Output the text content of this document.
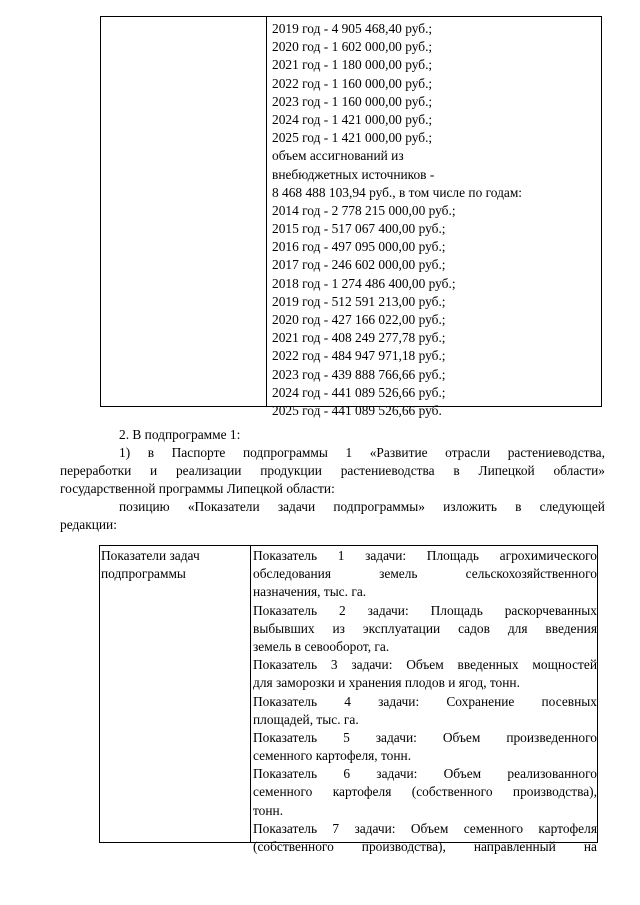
2019 год - 4 905 468,40 руб.;
2020 год - 1 602 000,00 руб.;
2021 год - 1 180 000,00 руб.;
2022 год - 1 160 000,00 руб.;
2023 год - 1 160 000,00 руб.;
2024 год - 1 421 000,00 руб.;
2025 год - 1 421 000,00 руб.;
объем ассигнований из
внебюджетных источников -
8 468 488 103,94 руб., в том числе по годам:
2014 год - 2 778 215 000,00 руб.;
2015 год - 517 067 400,00 руб.;
2016 год - 497 095 000,00 руб.;
2017 год - 246 602 000,00 руб.;
2018 год - 1 274 486 400,00 руб.;
2019 год - 512 591 213,00 руб.;
2020 год - 427 166 022,00 руб.;
2021 год - 408 249 277,78 руб.;
2022 год - 484 947 971,18 руб.;
2023 год - 439 888 766,66 руб.;
2024 год - 441 089 526,66 руб.;
2025 год - 441 089 526,66 руб.
2. В подпрограмме 1:
1) в Паспорте подпрограммы 1 «Развитие отрасли растениеводства,
переработки и реализации продукции растениеводства в Липецкой области»
государственной программы Липецкой области:
позицию «Показатели задачи подпрограммы» изложить в следующей
редакции:
Показатели задач
подпрограммы
Показатель 1 задачи: Площадь агрохимического
обследования	земель	сельскохозяйственного
назначения, тыс. га.
Показатель 2 задачи: Площадь раскорчеванных
выбывших из эксплуатации садов для введения
земель в севооборот, га.
Показатель 3 задачи: Объем введенных мощностей
для заморозки и хранения плодов и ягод, тонн.
Показатель 4 задачи: Сохранение посевных
площадей, тыс. га.
Показатель 5 задачи: Объем произведенного
семенного картофеля, тонн.
Показатель 6 задачи: Объем реализованного
семенного картофеля (собственного производства),
тонн.
Показатель 7 задачи: Объем семенного картофеля
(собственного производства), направленный на
